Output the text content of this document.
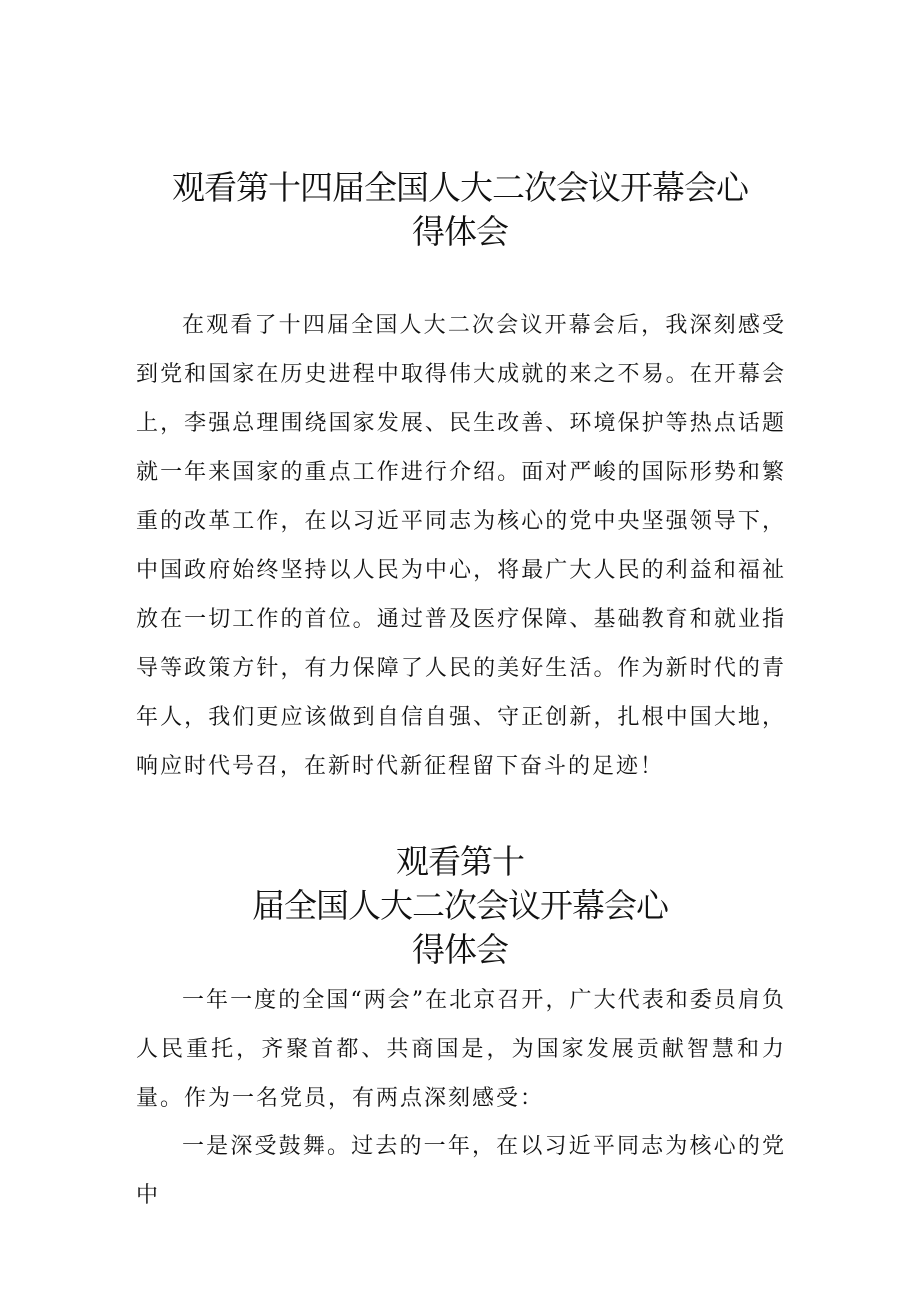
观看第十四届全国人大二次会议开幕会心
得体会

在观看了十四届全国人大二次会议开幕会后，我深刻感受到党和国家在历史进程中取得伟大成就的来之不易。在开幕会上，李强总理围绕国家发展、民生改善、环境保护等热点话题就一年来国家的重点工作进行介绍。面对严峻的国际形势和繁重的改革工作，在以习近平同志为核心的党中央坚强领导下，中国政府始终坚持以人民为中心，将最广大人民的利益和福祉放在一切工作的首位。通过普及医疗保障、基础教育和就业指导等政策方针，有力保障了人民的美好生活。作为新时代的青年人，我们更应该做到自信自强、守正创新，扎根中国大地，响应时代号召，在新时代新征程留下奋斗的足迹！

观看第十
届全国人大二次会议开幕会心
得体会

一年一度的全国“两会”在北京召开，广大代表和委员肩负人民重托，齐聚首都、共商国是，为国家发展贡献智慧和力量。作为一名党员，有两点深刻感受：

一是深受鼓舞。过去的一年，在以习近平同志为核心的党中
